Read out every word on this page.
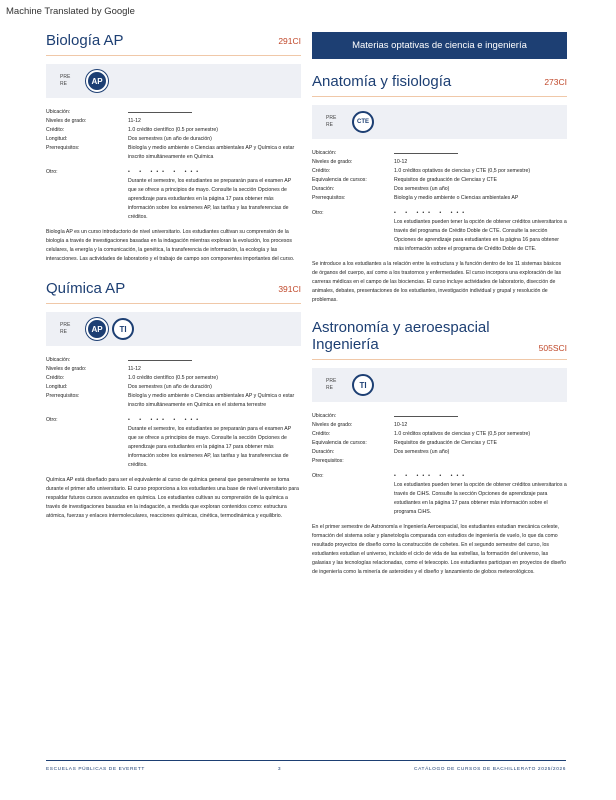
Machine Translated by Google
Biología AP	291CI
PRE
RE	AP
Ubicación:
Niveles de grado:	11-12
Crédito:	1.0 crédito científico (0.5 por semestre)
Longitud:	Dos semestres (un año de duración)
Prerrequisitos:	Biología y medio ambiente o Ciencias ambientales AP y Química o estar inscrito simultáneamente en Química
Otro:	• • ••• • •••
Durante el semestre, los estudiantes se prepararán para el examen AP que se ofrece a principios de mayo. Consulte la sección Opciones de aprendizaje para estudiantes en la página 17 para obtener más información sobre los exámenes AP, las tarifas y las transferencias de créditos.

Biología AP es un curso introductorio de nivel universitario. Los estudiantes cultivan su comprensión de la biología a través de investigaciones basadas en la indagación mientras exploran la evolución, los procesos celulares, la energía y la comunicación, la genética, la transferencia de información, la ecología y las interacciones. Las actividades de laboratorio y el trabajo de campo son componentes importantes del curso.

Química AP	391CI
PRE
RE	AP	TI
Ubicación:
Niveles de grado:	11-12
Crédito:	1.0 crédito científico (0.5 por semestre)
Longitud:	Dos semestres (un año de duración)
Prerrequisitos:	Biología y medio ambiente o Ciencias ambientales AP y Química o estar inscrito simultáneamente en Química en el sistema terrestre
Otro:	• • ••• • •••
Durante el semestre, los estudiantes se prepararán para el examen AP que se ofrece a principios de mayo. Consulte la sección Opciones de aprendizaje para estudiantes en la página 17 para obtener más información sobre los exámenes AP, las tarifas y las transferencias de créditos.

Química AP está diseñado para ser el equivalente al curso de química general que generalmente se toma durante el primer año universitario. El curso proporciona a los estudiantes una base de nivel universitario para respaldar futuros cursos avanzados en química. Los estudiantes cultivan su comprensión de la química a través de investigaciones basadas en la indagación, a medida que exploran contenidos como: estructura atómica, fuerzas y enlaces intermoleculares, reacciones químicas, cinética, termodinámica y equilibrio.

Materias optativas de ciencia e ingeniería
Anatomía y fisiología	273CI
PRE
RE	CTE
Ubicación:
Niveles de grado:	10-12
Crédito:	1.0 créditos optativos de ciencias y CTE (0,5 por semestre)
Equivalencia de cursos:	Requisitos de graduación de Ciencias y CTE
Duración:	Dos semestres (un año)
Prerrequisitos:	Biología y medio ambiente o Ciencias ambientales AP
Otro:	• • ••• • •••
Los estudiantes pueden tener la opción de obtener créditos universitarios a través del programa de Crédito Doble de CTE. Consulte la sección Opciones de aprendizaje para estudiantes en la página 16 para obtener más información sobre el programa de Crédito Doble de CTE.

Se introduce a los estudiantes a la relación entre la estructura y la función dentro de los 11 sistemas básicos de órganos del cuerpo, así como a los trastornos y enfermedades. El curso incorpora una exploración de las carreras médicas en el campo de las biociencias. El curso incluye actividades de laboratorio, disección de animales, debates, presentaciones de los estudiantes, investigación individual y grupal y resolución de problemas.

Astronomía y aeroespacial
Ingeniería	505SCI
PRE
RE	TI
Ubicación:
Niveles de grado:	10-12
Crédito:	1.0 créditos optativos de ciencias y CTE (0,5 por semestre)
Equivalencia de cursos:	Requisitos de graduación de Ciencias y CTE
Duración:	Dos semestres (un año)
Prerequisitos:
Otro:	• • ••• • •••
Los estudiantes pueden tener la opción de obtener créditos universitarios a través de CiHS. Consulte la sección Opciones de aprendizaje para estudiantes en la página 17 para obtener más información sobre el programa CiHS.

En el primer semestre de Astronomía e Ingeniería Aeroespacial, los estudiantes estudian mecánica celeste, formación del sistema solar y planetología comparada con estudios de ingeniería de vuelo, lo que da como resultado proyectos de diseño como la construcción de cohetes. En el segundo semestre del curso, los estudiantes estudian el universo, incluido el ciclo de vida de las estrellas, la formación del universo, las galaxias y las tecnologías relacionadas, como el telescopio. Los estudiantes participan en proyectos de diseño de ingeniería como la minería de asteroides y el diseño y lanzamiento de globos meteorológicos.

ESCUELAS PÚBLICAS DE EVERETT	3	CATÁLOGO DE CURSOS DE BACHILLERATO 2025/2026
